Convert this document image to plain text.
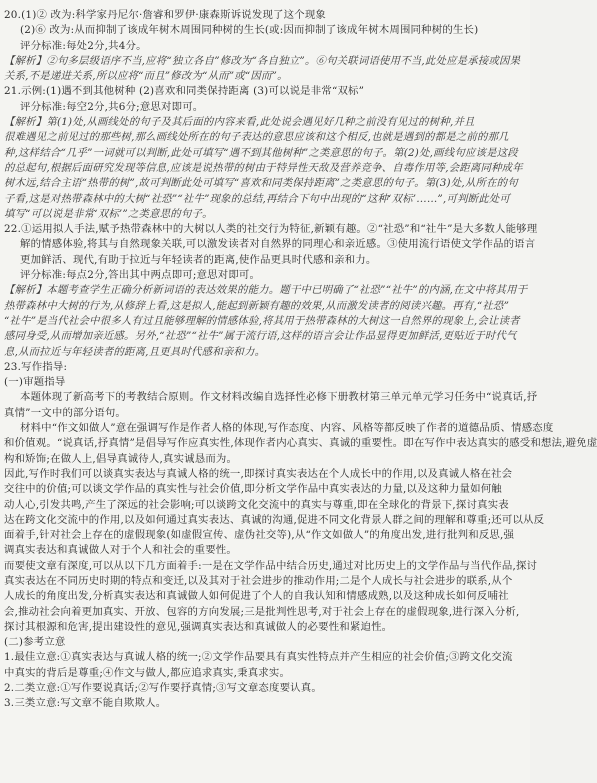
20.(1)② 改为:科学家丹尼尔·詹睿和罗伊·康森斯诉说发现了这个现象
(2)⑥ 改为:从而抑制了该成年树木周围同种树的生长(或:因而抑制了该成年树木周围同种树的生长)
评分标准:每处2分,共4分。
【解析】②句多层级语序不当,应将“独立各自”修改为“各自独立”。⑥句关联词语使用不当,此处应是承接或因果
关系,不是递进关系,所以应将“而且”修改为“从而”或“因而”。
21.示例:(1)遇不到其他树种 (2)喜欢和同类保持距离 (3)可以说是非常“双标”
评分标准:每空2分,共6分;意思对即可。
【解析】第(1)处,从画线处的句子及其后面的内容来看,此处说会遇见好几种之前没有见过的树种,并且
很难遇见之前见过的那些树,那么画线处所在的句子表达的意思应该和这个相反,也就是遇到的都是之前的那几
种,这样结合“几乎”一词就可以判断,此处可填写“遇不到其他树种”之类意思的句子。第(2)处,画线句应该是这段
的总起句,根据后面研究发现等信息,应该是说热带的树由于特异性天敌及营养竞争、自毒作用等,会距离同种成年
树木远,结合主语“热带的树”,故可判断此处可填写“喜欢和同类保持距离”之类意思的句子。第(3)处,从所在的句
子看,这是对热带森林中的大树“社恐”“社牛”现象的总结,再结合下句中出现的“这种‘双标’……”,可判断此处可
填写“可以说是非常‘双标’”之类意思的句子。
22.①运用拟人手法,赋予热带森林中的大树以人类的社交行为特征,新颖有趣。②“社恐”和“社牛”是大多数人能够理
解的情感体验,将其与自然现象关联,可以激发读者对自然界的同理心和亲近感。③使用流行语使文学作品的语言
更加鲜活、现代,有助于拉近与年轻读者的距离,使作品更具时代感和亲和力。
评分标准:每点2分,答出其中两点即可;意思对即可。
【解析】本题考查学生正确分析新词语的表达效果的能力。题干中已明确了“社恐”“社牛”的内涵,在文中将其用于
热带森林中大树的行为,从修辞上看,这是拟人,能起到新颖有趣的效果,从而激发读者的阅读兴趣。再有,“社恐”
“社牛”是当代社会中很多人有过且能够理解的情感体验,将其用于热带森林的大树这一自然界的现象上,会让读者
感同身受,从而增加亲近感。另外,“社恐”“社牛”属于流行语,这样的语言会让作品显得更加鲜活,更贴近于时代气
息,从而拉近与年轻读者的距离,且更具时代感和亲和力。
23.写作指导:
(一)审题指导
本题体现了新高考下的考教结合原则。作文材料改编自选择性必修下册教材第三单元单元学习任务中“说真话,抒
真情”一文中的部分语句。
材料中“作文如做人”意在强调写作是作者人格的体现,写作态度、内容、风格等都反映了作者的道德品质、情感态度
和价值观。“说真话,抒真情”是倡导写作应真实性,体现作者内心真实、真诚的重要性。即在写作中表达真实的感受和想法,避免虚
构和矫饰;在做人上,倡导真诚待人,真实诚恳而为。
因此,写作时我们可以谈真实表达与真诚人格的统一,即探讨真实表达在个人成长中的作用,以及真诚人格在社会
交往中的价值;可以谈文学作品的真实性与社会价值,即分析文学作品中真实表达的力量,以及这种力量如何触
动人心,引发共鸣,产生了深远的社会影响;可以谈跨文化交流中的真实与尊重,即在全球化的背景下,探讨真实表
达在跨文化交流中的作用,以及如何通过真实表达、真诚的沟通,促进不同文化背景人群之间的理解和尊重;还可以从反
面着手,针对社会上存在的虚假现象(如虚假宣传、虚伪社交等),从“作文如做人”的角度出发,进行批判和反思,强
调真实表达和真诚做人对于个人和社会的重要性。
而要使文章有深度,可以从以下几方面着手:一是在文学作品中结合历史,通过对比历史上的文学作品与当代作品,探讨
真实表达在不同历史时期的特点和变迁,以及其对于社会进步的推动作用;二是个人成长与社会进步的联系,从个
人成长的角度出发,分析真实表达和真诚做人如何促进了个人的自我认知和情感成熟,以及这种成长如何反哺社
会,推动社会向着更加真实、开放、包容的方向发展;三是批判性思考,对于社会上存在的虚假现象,进行深入分析,
探讨其根源和危害,提出建设性的意见,强调真实表达和真诚做人的必要性和紧迫性。
(二)参考立意
1.最佳立意:①真实表达与真诚人格的统一;②文学作品要具有真实性特点并产生相应的社会价值;③跨文化交流
中真实的背后是尊重;④作文与做人,都应追求真实,秉真求实。
2.二类立意:①写作要说真话;②写作要抒真情;③写文章态度要认真。
3.三类立意:写文章不能自欺欺人。
